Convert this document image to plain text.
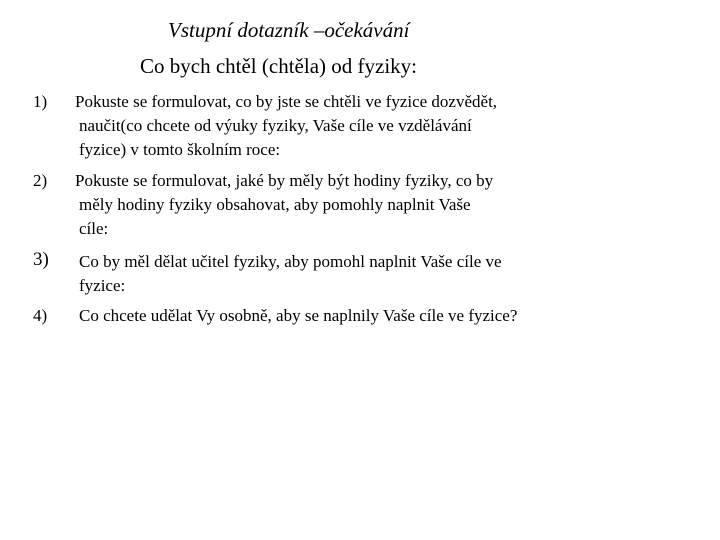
Vstupní dotazník –očekávání
Co bych chtěl (chtěla) od fyziky:
1) Pokuste se formulovat, co by jste se chtěli ve fyzice dozvědět,
naučit(co chcete od výuky fyziky, Vaše cíle ve vzdělávání
fyzice) v tomto školním roce:
2) Pokuste se formulovat, jaké by měly být hodiny fyziky, co by
měly hodiny fyziky obsahovat, aby pomohly naplnit Vaše
cíle:
3) Co by měl dělat učitel fyziky, aby pomohl naplnit Vaše cíle ve
fyzice:
4) Co chcete udělat Vy osobně, aby se naplnily Vaše cíle ve fyzice?
